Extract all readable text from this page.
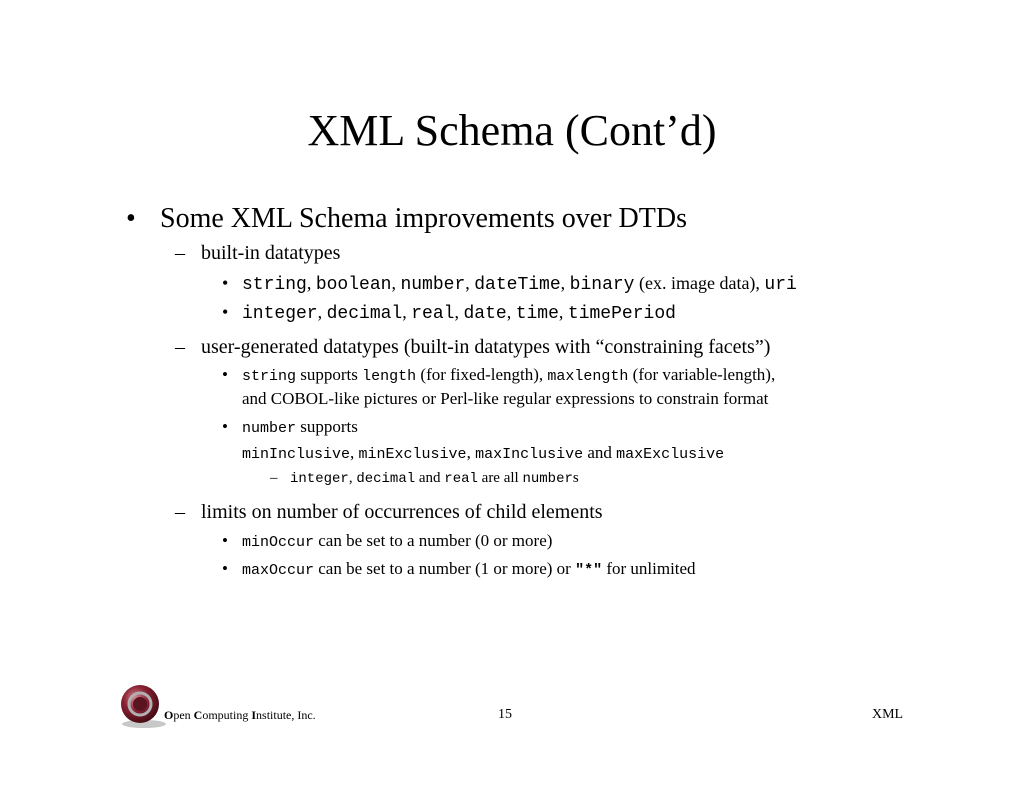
XML Schema (Cont’d)
• Some XML Schema improvements over DTDs
– built-in datatypes
• string, boolean, number, dateTime, binary (ex. image data), uri
• integer, decimal, real, date, time, timePeriod
– user-generated datatypes (built-in datatypes with “constraining facets”)
• string supports length (for fixed-length), maxlength (for variable-length),
and COBOL-like pictures or Perl-like regular expressions to constrain format
• number supports
minInclusive, minExclusive, maxInclusive and maxExclusive
– integer, decimal and real are all numbers
– limits on number of occurrences of child elements
• minOccur can be set to a number (0 or more)
• maxOccur can be set to a number (1 or more) or "*" for unlimited
Open Computing Institute, Inc.	15	XML
